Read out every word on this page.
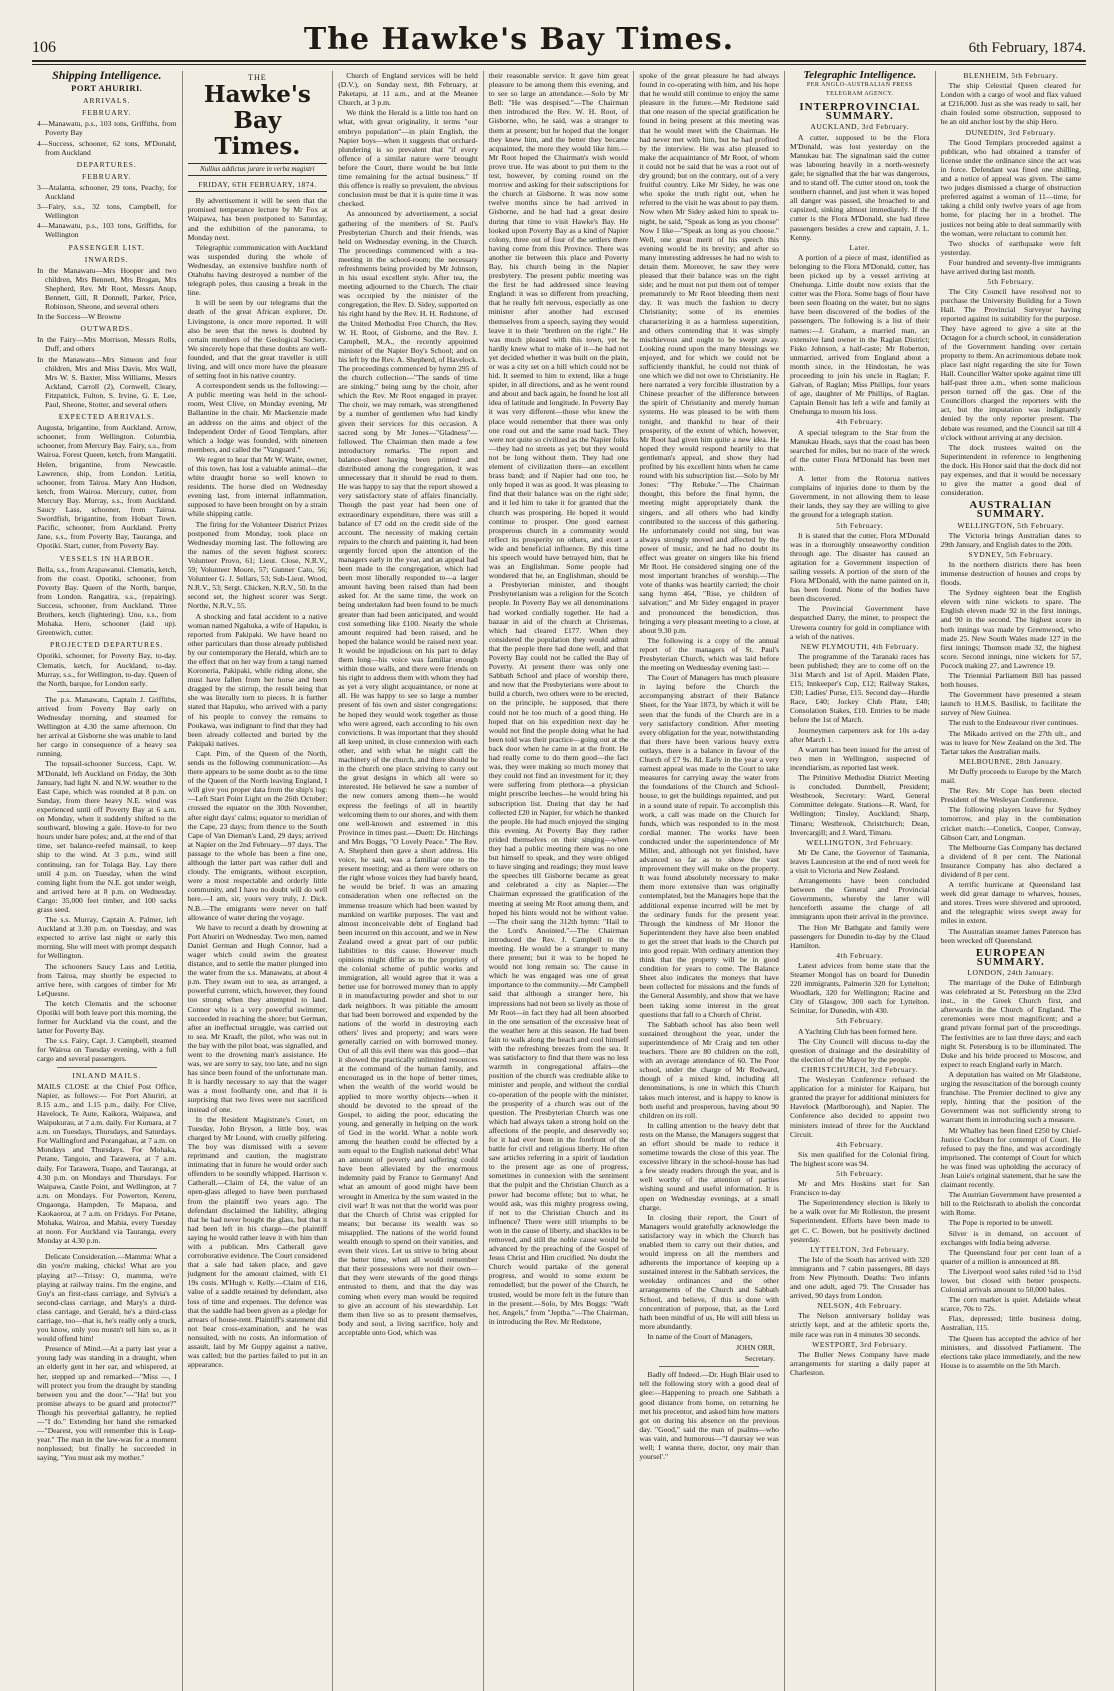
106	The Hawke's Bay Times.	6th February, 1874.
Shipping Intelligence.
PORT AHURIRI.
ARRIVALS.
FEBRUARY.

4—Manawatu, p.s., 103 tons, Griffiths, from Poverty Bay

4—Success, schooner, 62 tons, M'Donald, from Auckland

DEPARTURES.
FEBRUARY.

3—Atalanta, schooner, 29 tons, Peachy, for Auckland

3—Fairy, s.s., 32 tons, Campbell, for Wellington

4—Manawatu, p.s., 103 tons, Griffiths, for Wellington

PASSENGER LIST.
INWARDS.

In the Manawatu—Mrs Hooper and two children, Mrs Bennett, Mrs Brogan, Mrs Shepherd, Rev. Mr Root, Messrs Anup, Bennett, Gill, R Donnell, Parker, Price, Robinson, Sheone, and several others

In the Success—W Browne

OUTWARDS.

In the Fairy—Mrs Morrison, Messrs Rolls, Duff, and others

In the Manawatu—Mrs Simeon and four children, Mrs and Miss Davis, Mrs Wall, Mrs W. S. Baxter, Miss Williams, Messrs Ackland, Carroll (2), Cornwell, Cleary, Fitzpatrick, Fulton, S. Irvine, G. E. Lee, Paul, Sheone, Stotter, and several others

EXPECTED ARRIVALS.

Augusta, brigantine, from Auckland. Arrow, schooner, from Wellington. Columbia, schooner, from Mercury Bay. Fairy, s.s., from Wairoa. Forest Queen, ketch, from Mangatiti. Helen, brigantine, from Newcastle. Lawrence, ship, from London. Letitia, schooner, from Tairoa. Mary Ann Hudson, ketch, from Wairoa. Mercury, cutter, from Mercury Bay. Murray, s.s., from Auckland. Saucy Lass, schooner, from Tairoa. Swordfish, brigantine, from Hobart Town. Pacific, schooner, from Auckland. Pretty Jane, s.s., from Poverty Bay, Tauranga, and Opotiki. Start, cutter, from Poverty Bay.

VESSELS IN HARBOR.

Bella, s.s., from Arapawanui. Clematis, ketch, from the coast. Opotiki, schooner, from Poverty Bay. Queen of the North, barque, from London. Rangatira, s.s., (repairing). Success, schooner, from Auckland. Three Brothers, ketch (lightering). Uno, s.s., from Mohaka. Hero, schooner (laid up). Greenwich, cutter.

PROJECTED DEPARTURES.

Opotiki, schooner, for Poverty Bay, to-day. Clematis, ketch, for Auckland, to-day. Murray, s.s., for Wellington, to-day. Queen of the North, barque, for London early.

The p.s. Manawatu, Captain J. Griffiths, arrived from Poverty Bay early on Wednesday morning, and steamed for Wellington at 4.30 the same afternoon. On her arrival at Gisborne she was unable to land her cargo in consequence of a heavy sea running.

The topsail-schooner Success, Capt. W. M'Donald, left Auckland on Friday, the 30th January, had light N. and N.W. weather to the East Cape, which was rounded at 8 p.m. on Sunday, from there heavy N.E. wind was experienced until off Poverty Bay at 6 a.m. on Monday, when it suddenly shifted to the southward, blowing a gale. Hove-to for two hours under bare poles; and, at the end of that time, set balance-reefed mainsail, to keep ship to the wind. At 3 p.m., wind still continuing, ran for Tolaga Bay. Lay there until 4 p.m. on Tuesday, when the wind coming light from the N.E. got under weigh, and arrived here at 8 p.m. on Wednesday. Cargo: 35,000 feet timber, and 100 sacks grass seed.

The s.s. Murray, Captain A. Palmer, left Auckland at 3.30 p.m. on Tuesday, and was expected to arrive last night or early this morning. She will meet with prompt despatch for Wellington.

The schooners Saucy Lass and Letitia, from Tairoa, may shortly be expected to arrive here, with cargoes of timber for Mr LeQuesne.

The ketch Clematis and the schooner Opotiki will both leave port this morning, the former for Auckland via the coast, and the latter for Poverty Bay.

The s.s. Fairy, Capt. J. Campbell, steamed for Wairoa on Tuesday evening, with a full cargo and several passengers.

INLAND MAILS.

MAILS CLOSE at the Chief Post Office, Napier, as follows:— For Port Ahuriri, at 8.15 a.m., and 1.15 p.m., daily. For Clive, Havelock, Te Aute, Kaikora, Waipawa, and Waipukurau, at 7 a.m. daily. For Kumara, at 7 a.m. on Tuesdays, Thursdays, and Saturdays. For Wallingford and Porangahau, at 7 a.m. on Mondays and Thursdays. For Mohaka, Petane, Tangoio, and Tarawera, at 7 a.m. daily. For Tarawera, Tuapo, and Tauranga, at 4.30 p.m. on Mondays and Thursdays. For Waipawa, Castle Point, and Wellington, at 7 a.m. on Mondays. For Powerton, Kereru, Ongaonga, Hampden, Te Mapaoa, and Kaokaoroa, at 7 a.m. on Fridays. For Petane, Mohaka, Wairoa, and Mahia, every Tuesday at noon. For Auckland via Tauranga, every Monday at 4.30 p.m.

Delicate Consideration.—Mamma: What a din you're making, chicks! What are you playing at?—Trissy: O, mamma, we're playing at railway trains. I'm the engine, and Guy's an first-class carriage, and Sylvia's a second-class carriage, and Mary's a third-class carriage, and Gerald, he's a third-class carriage, too—that is, he's really only a truck, you know, only you mustn't tell him so, as it would offend him!

Presence of Mind.—At a party last year a young lady was standing in a draught, when an elderly gent in her ear, and whispered, at her, stepped up and remarked—"Miss —, I will protect you from the draught by standing between you and the door."—"Ha! but you promise always to be guard and protector?" Though his proverbial gallantry, he replied—"I do." Extending her hand she remarked—"Dearest, you will remember this is Leap-year." The man in the law-was for a moment nonplussed; but finally he succeeded in saying, "You must ask my mother."

THE
Hawke's Bay Times.
Nullius addictus jurare in verba magistri
FRIDAY, 6TH FEBRUARY, 1874.

By advertisement it will be seen that the promised temperance lecture by Mr Fox at Waipawa, has been postponed to Saturday, and the exhibition of the panorama, to Monday next.

Telegraphic communication with Auckland was suspended during the whole of Wednesday, an extensive bushfire north of Otahuhu having destroyed a number of the telegraph poles, thus causing a break in the line.

It will be seen by our telegrams that the death of the great African explorer, Dr. Livingstone, is once more reported. It will also be seen that the news is doubted by certain members of the Geological Society. We sincerely hope that these doubts are well-founded, and that the great traveller is still living, and will once more have the pleasure of setting foot in his native country.

A correspondent sends us the following:—A public meeting was held in the school-room, West Clive, on Monday evening, Mr Ballantine in the chair. Mr Mackenzie made an address on the aims and object of the Independent Order of Good Templars, after which a lodge was founded, with nineteen members, and called the "Vanguard."

We regret to hear that Mr W. Waite, owner, of this town, has lost a valuable animal—the white draught horse so well known to residents. The horse died on Wednesday evening last, from internal inflammation, supposed to have been brought on by a strain while shipping cattle.

The firing for the Volunteer District Prizes postponed from Monday, took place on Wednesday morning last. The following are the names of the seven highest scorers: Volunteer Provo, 61; Lieut. Close, N.R.V., 59; Volunteer Moore, 57; Gunner Cato, 56; Volunteer G. J. Sellars, 53; Sub-Lieut. Wood, N.R.V., 53; Sergt. Chicken, N.R.V., 50. In the second set, the highest scorer was Sergt. Northe, N.R.V., 55.

A shocking and fatal accident to a native woman named Ngahuka, a wife of Hapuku, is reported from Pakipaki. We have heard no other particulars than those already published by our contemporary the Herald, which are to the effect that on her way from a tangi named Koroneria, Pakipaki, while riding alone, she must have fallen from her horse and been dragged by the stirrup, the result being that she was literally torn to pieces. It is further stated that Hapuku, who arrived with a party of his people to convey the remains to Poukawa, was indignant to find that they had been already collected and buried by the Pakipaki natives.

Capt. Pim, of the Queen of the North, sends us the following communication:—As there appears to be some doubt as to the time of the Queen of the North leaving England, I will give you proper data from the ship's log:—Left Start Point Light on the 26th October; crossed the equator on the 30th November, after eight days' calms; equator to meridian of the Cape, 23 days; from thence to the South Cape of Van Dieman's Land, 29 days; arrived at Napier on the 2nd February—97 days. The passage to the whole has been a fine one, although the latter part was rather dull and cloudy. The emigrants, without exception, were a most respectable and orderly little community, and I have no doubt will do well here.—I am, sir, yours very truly, J. Dick. N.B.—The emigrants were never on half allowance of water during the voyage.

We have to record a death by drowning at Port Ahuriri on Wednesday. Two men, named Daniel German and Hugh Connor, had a wager which could swim the greatest distance, and to settle the matter plunged into the water from the s.s. Manawatu, at about 4 p.m. They swam out to sea, as arranged, a powerful current, which, however, they found too strong when they attempted to land. Connor who is a very powerful swimmer, succeeded in reaching the shore; but German, after an ineffectual struggle, was carried out to sea. Mr Kraaft, the pilot, who was out in the bay with the pilot boat, was signalled, and went to the drowning man's assistance. He was, we are sorry to say, too late, and no sign has since been found of the unfortunate man. It is hardly necessary to say that the wager was a most foolhardy one, and that it is surprising that two lives were not sacrificed instead of one.

In the Resident Magistrate's Court, on Tuesday, John Bryson, a little boy, was charged by Mr Lound, with cruelly pilfering. The boy was dismissed with a severe reprimand and caution, the magistrate intimating that in future he would order such offenders to be soundly whipped. Harrison v. Catherall.—Claim of £4, the value of an open-glass alleged to have been purchased from the plaintiff two years ago. The defendant disclaimed the liability, alleging that he had never bought the glass, but that it had been left in his charge—the plaintiff saying he would rather leave it with him than with a publican. Mrs Catherall gave corroborative evidence. The Court considered that a sale had taken place, and gave judgment for the amount claimed, with £1 19s costs. M'Hugh v. Kelly.—Claim of £16, value of a saddle retained by defendant, also loss of time and expenses. The defence was that the saddle had been given as a pledge for arrears of house-rent. Plaintiff's statement did not bear cross-examination, and he was nonsuited, with no costs. An information of assault, laid by Mr Guppy against a native, was called; but the parties failed to put in an appearance.

Church of England services will be held (D.V.), on Sunday next, 8th February, at Paketapu, at 11 a.m., and at the Meanee Church, at 3 p.m.

We think the Herald is a little too hard on what, with great originality, it terms "our embryo population"—in plain English, the Napier boys—when it suggests that orchard-plundering is so prevalent that "if every offence of a similar nature were brought before the Court, there would be but little time remaining for the actual business." If this offence is really so prevalent, the obvious conclusion must be that it is quite time it was checked.

As announced by advertisement, a social gathering of the members of St. Paul's Presbyterian Church and their friends, was held on Wednesday evening, in the Church. The proceedings commenced with a tea-meeting in the school-room; the necessary refreshments being provided by Mr Johnson, in his usual excellent style. After tea, the meeting adjourned to the Church. The chair was occupied by the minister of the congregation, the Rev. D. Sidey, supported on his right hand by the Rev. H. H. Redstone, of the United Methodist Free Church, the Rev. W. H. Root, of Gisborne, and the Rev. J. Campbell, M.A., the recently appointed minister of the Napier Boy's School; and on his left by the Rev. A. Shepherd, of Havelock. The proceedings commenced by hymn 295 of the church collection—"The sands of time are sinking," being sung by the choir, after which the Rev. Mr Root engaged in prayer. The choir, we may remark, was strengthened by a number of gentlemen who had kindly given their services for this occasion. A sacred song by Mr Jones—"Gladness"—followed. The Chairman then made a few introductory remarks. The report and balance-sheet having been printed and distributed among the congregation, it was unnecessary that it should be read to them. He was happy to say that the report showed a very satisfactory state of affairs financially. Though the past year had been one of extraordinary expenditure, there was still a balance of £7 odd on the credit side of the account. The necessity of making certain repairs to the church and painting it, had been urgently forced upon the attention of the managers early in the year, and an appeal had been made to the congregation, which had been most liberally responded to—a larger amount having been raised than had been asked for. At the same time, the work on being undertaken had been found to be much greater than had been anticipated, and would cost something like £100. Nearly the whole amount required had been raised, and he hoped the balance would be raised next year. It would be injudicious on his part to delay them long—his voice was familiar enough within those walls, and there were friends on his right to address them with whom they had as yet a very slight acquaintance, or none at all. He was happy to see so large a number present of his own and sister congregations: he hoped they would work together as those who were agreed, each according to his own convictions. It was important that they should all keep united, in close connexion with each other, and with what he might call the machinery of the church, and there should be in the church one place striving to carry out the great designs in which all were so interested. He believed he saw a number of the new comers among them—he would express the feelings of all in heartily welcoming them to our shores, and with them one well-known and esteemed in this Province in times past.—Duett: Dr. Hitchings and Mrs Boggs, "O Lovely Peace." The Rev. A. Shepherd then gave a short address. His voice, he said, was a familiar one to the present meeting; and as there were others on the right whose voices they had barely heard, he would be brief. It was an amazing consideration when one reflected on the immense treasure which had been wasted by mankind on warlike purposes. The vast and almost inconceivable debt of England had been incurred on this account, and we in New Zealand owed a great part of our public liabilities to this cause. However much opinions might differ as to the propriety of the colonial scheme of public works and immigration, all would agree that it was a better use for borrowed money than to apply it in manufacturing powder and shot to our dark neighbors. It was pitiable the amount that had been borrowed and expended by the nations of the world in destroying each others' lives and property; and wars were generally carried on with borrowed money. Out of all this evil there was this good—that it showed the practically unlimited resources at the command of the human family, and encouraged us in the hope of better times, when the wealth of the world would be applied to more worthy objects—when it should be devoted to the spread of the Gospel, to aiding the poor, educating the young, and generally in helping on the work of God in the world. What a noble work among the heathen could be effected by a sum equal to the English national debt! What an amount of poverty and suffering could have been alleviated by the enormous indemnity paid by France to Germany! And what an amount of good might have been wrought in America by the sum wasted in the civil war! It was not that the world was poor that the Church of Christ was crippled for means; but because its wealth was so misapplied. The nations of the world found wealth enough to spend on their vanities, and even their vices. Let us strive to bring about the better time, when all would remember that their possessions were not their own—that they were stewards of the good things entrusted to them, and that the day was coming when every man would be required to give an account of his stewardship. Let them then live so as to present themselves, body and soul, a living sacrifice, holy and acceptable unto God, which was

their reasonable service. It gave him great pleasure to be among them this evening, and to see so large an attendance.—Solo by Mr Bell: "He was despised."—The Chairman then introduced the Rev. W. H. Root, of Gisborne, who, he said, was a stranger to them at present; but he hoped that the longer they knew him, and the better they became acquainted, the more they would like him.—Mr Root hoped the Chairman's wish would prove true. He was about to put them to the test, however, by coming round on the morrow and asking for their subscriptions for the church at Gisborne. It was now some twelve months since he had arrived in Gisborne, and he had had a great desire during that time to visit Hawke's Bay. He looked upon Poverty Bay as a kind of Napier colony, three out of four of the settlers there having come from this Province. There was another tie between this place and Poverty Bay, his church being in the Napier presbytery. The present public meeting was the first he had addressed since leaving England: it was so different from preaching, that he really felt nervous, especially as one minister after another had excused themselves from a speech, saying they would leave it to their "brethren on the right." He was much pleased with this town, yet he hardly knew what to make of it—he had not yet decided whether it was built on the plain, or was a city set on a hill which could not be hid. It seemed to him to extend, like a huge spider, in all directions, and as he went round and about and back again, he found he lost all idea of latitude and longitude. In Poverty Bay it was very different—those who knew the place would remember that there was only one road out and the same road back. They were not quite so civilized as the Napier folks—they had no streets as yet; but they would not be long without them. They had one element of civilization there—an excellent brass band; and if Napier had one too, he only hoped it was as good. It was pleasing to find that their balance was on the right side; and it led him to take it for granted that the church was prospering. He hoped it would continue to prosper. One good earnest prosperous church in a community would reflect its prosperity on others, and exert a wide and beneficial influence. By this time his speech would have betrayed him, that he was an Englishman. Some people had wondered that he, an Englishman, should be a Presbyterian minister, and thought Presbyterianism was a religion for the Scotch people. In Poverty Bay we all denominations had worked cordially together. He had a bazaar in aid of the church at Christmas, which had cleared £177. When they considered the population they would admit that the people there had done well, and that Poverty Bay could not be called the Bay of Poverty. At present there was only one Sabbath School and place of worship there, and now that the Presbyterians were about to build a church, two others were to be erected, on the principle, he supposed, that there could not be too much of a good thing. He hoped that on his expedition next day he would not find the people doing what he had been told was their practice—going out at the back door when he came in at the front. He had really come to do them good—the fact was, they were making so much money that they could not find an investment for it; they were suffering from plethora—a physician might prescribe leeches—he would bring his subscription list. During that day he had collected £20 in Napier, for which he thanked the people. He had much enjoyed the singing this evening. At Poverty Bay they rather prided themselves on their singing—when they had a public meeting there was no one but himself to speak, and they were obliged to have singing and readings; they must leave the speeches till Gisborne became as great and celebrated a city as Napier.—The Chairman expressed the gratification of the meeting at seeing Mr Root among them, and hoped his hints would not be without value.—The choir sang the 312th hymn: "Hail to the Lord's Anointed."—The Chairman introduced the Rev. J. Campbell to the meeting. He would be a stranger to many there present; but it was to be hoped he would not long remain so. The cause in which he was engaged was one of great importance to the community.—Mr Campbell said that although a stranger here, his impressions had not been so lively as those of Mr Root—in fact they had all been absorbed in the one sensation of the excessive heat of the weather here at this season. He had been fain to walk along the beach and cool himself with the refreshing breezes from the sea. It was satisfactory to find that there was no less warmth in congregational affairs—the position of the church was creditable alike to minister and people, and without the cordial co-operation of the people with the minister, the prosperity of a church was out of the question. The Presbyterian Church was one which had always taken a strong hold on the affections of the people, and deservedly so; for it had ever been in the forefront of the battle for civil and religious liberty. He often saw articles referring in a spirit of laudation to the present age as one of progress, sometimes in connexion with the sentiment that the pulpit and the Christian Church as a power had become effete; but to what, he would ask, was this mighty progress owing, if not to the Christian Church and its influence? There were still triumphs to be won in the cause of liberty, and shackles to be removed, and still the noble cause would be advanced by the preaching of the Gospel of Jesus Christ and Him crucified. No doubt the Church would partake of the general progress, and would to some extent be remodelled; but the power of the Church, he trusted, would be more felt in the future than in the present.—Solo, by Mrs Boggs: "Waft her, Angels," from "Jeptha."—The Chairman, in introducing the Rev. Mr Redstone,

spoke of the great pleasure he had always found in co-operating with him, and his hope that he would still continue to enjoy the same pleasure in the future.—Mr Redstone said that one reason of the special gratification he found in being present at this meeting was that he would meet with the Chairman. He had never met with him, but he had profited by the interview. He was also pleased to make the acquaintance of Mr Root, of whom it could not be said that he was a root out of dry ground; but on the contrary, out of a very fruitful country. Like Mr Sidey, he was one who spoke the truth right out, when he referred to the visit he was about to pay them. Now when Mr Sidey asked him to speak to-night, he said, "Speak as long as you choose" Now I like—"Speak as long as you choose." Well, one great merit of his speech this evening would be its brevity; and after so many interesting addresses he had no wish to detain them. Moreover, he saw they were pleased that their balance was on the right side; and he must not put them out of temper prematurely to Mr Root bleeding them next day. It was much the fashion to decry Christianity; some of its enemies characterizing it as a harmless superstition, and others contending that it was simply mischievous and ought to be swept away. Looking round upon the many blessings we enjoyed, and for which we could not be sufficiently thankful, he could not think of one which we did not owe to Christianity. He here narrated a very forcible illustration by a Chinese preacher of the difference between the spirit of Christianity and merely human systems. He was pleased to be with them tonight, and thankful to hear of their prosperity, of the extent of which, however, Mr Root had given him quite a new idea. He hoped they would respond heartily to that gentleman's appeal, and show they had profited by his excellent hints when he came round with his subscription list.—Solo by Mr Jones: "Thy Rebuke."—The Chairman thought, this before the final hymn, the meeting might appropriately thank the singers, and all others who had kindly contributed to the success of this gathering. He unfortunately could not sing, but was always strongly moved and affected by the power of music, and he had no doubt its effect was greater on singers like his friend Mr Root. He considered singing one of the most important branches of worship.—The vote of thanks was heartily carried; the choir sang hymn 464, "Rise, ye children of salvation;" and Mr Sidey engaged in prayer and pronounced the benediction, thus bringing a very pleasant meeting to a close, at about 9.30 p.m.

The following is a copy of the annual report of the managers of St. Paul's Presbyterian Church, which was laid before the meeting on Wednesday evening last:—

The Court of Managers has much pleasure in laying before the Church the accompanying abstract of their Balance Sheet, for the Year 1873, by which it will be seen that the funds of the Church are in a very satisfactory condition. After meeting every obligation for the year, notwithstanding that there have been various heavy extra outlays, there is a balance in favour of the Church of £7 9s. 8d. Early in the year a very earnest appeal was made to the Court to take measures for carrying away the water from the foundations of the Church and School-house, to get the buildings repainted, and put in a sound state of repair. To accomplish this work, a call was made on the Church for funds, which was responded to in the most cordial manner. The works have been conducted under the superintendence of Mr Miller, and, although not yet finished, have advanced so far as to show the vast improvement they will make on the property. It was found absolutely necessary to make them more extensive than was originally contemplated, but the Managers hope that the additional expense incurred will be met by the ordinary funds for the present year. Through the kindness of Mr Honor the Superintendent they have also been enabled to get the street that leads to the Church put into good repair. With ordinary attention they think that the property will be in good condition for years to come. The Balance Sheet also indicates the moneys that have been collected for missions and the funds of the General Assembly, and show that we have been taking some interest in the great questions that fall to a Church of Christ.

The Sabbath school has also been well sustained throughout the year, under the superintendence of Mr Craig and ten other teachers. There are 80 children on the roll, with an average attendance of 60. The Poor school, under the charge of Mr Redward, though of a mixed kind, including all denominations, is one in which this Church takes much interest, and is happy to know is both useful and prosperous, having about 90 children on its roll.

In calling attention to the heavy debt that rests on the Manse, the Managers suggest that an effort should be made to reduce it sometime towards the close of this year. The excessive library in the school-house has had a few steady readers through the year, and is well worthy of the attention of parties wishing sound and useful information. It is open on Wednesday evenings, at a small charge.

In closing their report, the Court of Managers would gratefully acknowledge the satisfactory way in which the Church has enabled them to carry out their duties, and would impress on all the members and adherents the importance of keeping up a sustained interest in the Sabbath services, the weekday ordinances and the other arrangements of the Church and Sabbath School, and believe, if this is done with concentration of purpose, that, as the Lord hath been mindful of us, He will still bless us more abundantly.

In name of the Court of Managers,

JOHN ORR,
Secretary.

Badly off Indeed.—Dr. Hugh Blair used to tell the following story with a good deal of glee:—Happening to preach one Sabbath a good distance from home, on returning he met his precentor, and asked him how matters got on during his absence on the previous day. "Good," said the man of psalms—who was vain, and humorous—"I daursay we was well; I wanna there, doctor, ony mair than yoursel'."

Telegraphic Intelligence.
PER ANGLO-AUSTRALIAN PRESS TELEGRAM AGENCY.
INTERPROVINCIAL SUMMARY.

AUCKLAND, 3rd February.

A cutter, supposed to be the Flora M'Donald, was lost yesterday on the Manukau bar. The signalman said the cutter was labouring heavily in a north-westerly gale; he signalled that the bar was dangerous, and to stand off. The cutter stood on, took the southern channel, and just when it was hoped all danger was passed, she broached to and capsized, sinking almost immediately. If the cutter is the Flora M'Donald, she had three passengers besides a crew and captain, J. L. Kenny.

Later.

A portion of a piece of mast, identified as belonging to the Flora M'Donald, cutter, has been picked up by a vessel arriving at Onehunga. Little doubt now exists that the cutter was the Flora. Some bags of flour have been seen floating on the water, but no signs have been discovered of the bodies of the passengers. The following is a list of their names:—J. Graham, a married man, an extensive land owner in the Raglan District; Fisko Johnson, a half-caste; Mr Roberton, unmarried, arrived from England about a month since, in the Hindostan, he was proceeding to join his uncle in Raglan; F. Galvan, of Raglan; Miss Phillips, four years of age, daughter of Mr Phillips, of Raglan. Captain Benoit has left a wife and family at Onehunga to mourn his loss.

4th February.

A special telegram to the Star from the Manukau Heads, says that the coast has been searched for miles, but no trace of the wreck of the cutter Flora M'Donald has been met with.

A letter from the Rotorua natives complains of injuries done to them by the Government, in not allowing them to lease their lands, they say they are willing to give the ground for a telegraph station.

5th February.

It is stated that the cutter, Flora M'Donald was in a thoroughly unseaworthy condition through age. The disaster has caused an agitation for a Government inspection of sailing vessels. A portion of the stern of the Flora M'Donald, with the name painted on it, has been found. None of the bodies have been discovered.

The Provincial Government have despatched Darry, the miner, to prospect the Urewera country for gold in compliance with a wish of the natives.

NEW PLYMOUTH, 4th February.

The programme of the Taranaki races has been published; they are to come off on the 31st March and 1st of April. Maiden Plate, £15; Innkeeper's Cup, £12; Railway Stakes, £30; Ladies' Purse, £15. Second day—Hurdle Race, £40; Jockey Club Plate, £40; Consolation Stakes, £10. Entries to be made before the 1st of March.

Journeymen carpenters ask for 10s a-day after March 1.

A warrant has been issued for the arrest of two men in Wellington, suspected of incendiarism, as reported last week.

The Primitive Methodist District Meeting is concluded. Dunnbell, President; Westbrook, Secretary: Ward, General Committee delegate. Stations—R. Ward, for Wellington; Tinsley, Auckland; Sharp, Timaru; Westbrook, Christchurch; Dean, Invercargill; and J. Ward, Timaru.

WELLINGTON, 3rd February.

Mr De Cane, the Governor of Tasmania, leaves Launceston at the end of next week for a visit to Victoria and New Zealand.

Arrangements have been concluded between the General and Provincial Governments, whereby the latter will henceforth assume the charge of all immigrants upon their arrival in the province.

The Hon Mr Bathgate and family were passengers for Dunedin to-day by the Claud Hamilton.

4th February.

Latest advices from home state that the Steamer Mongol has on board for Dunedin 220 immigrants, Palmerin 320 for Lyttelton; Woodlark, 320 for Wellington; Racine and City of Glasgow, 300 each for Lyttelton. Scimitar, for Dunedin, with 430.

5th February.

A Yachting Club has been formed here.

The City Council will discuss to-day the question of drainage and the desirability of the election of the Mayor by the people.

CHRISTCHURCH, 3rd February.

The Wesleyan Conference refused the application for a minister for Kaiparu, but granted the prayer for additional ministers for Havelock (Marlborough), and Napier. The Conference also decided to appoint two ministers instead of three for the Auckland Circuit.

4th February.

Six men qualified for the Colonial firing. The highest score was 94.

5th February.

Mr and Mrs Hoskins start for San Francisco to-day

The Superintendency election is likely to be a walk over for Mr Rolleston, the present Superintendent. Efforts have been made to get C. C. Bowen, but he positively declined yesterday.

LYTTELTON, 3rd February.

The Isle of the South has arrived with 320 immigrants and 7 cabin passengers, 88 days from New Plymouth. Deaths: Two infants and one adult, aged 79. The Crusader has arrived, 90 days from London.

NELSON, 4th February.

The Nelson anniversary holiday was strictly kept, and at the athletic sports the, mile race was run in 4 minutes 30 seconds.

WESTPORT, 3rd February.

The Buller News Company have made arrangements for starting a daily paper at Charleston.

BLENHEIM, 5th February.

The ship Celestial Queen cleared for London with a cargo of wool and flax valued at £216,000. Just as she was ready to sail, her chain fouled some obstruction, supposed to be an old anchor lost by the ship Hero.

DUNEDIN, 3rd February.

The Good Templars proceeded against a publican, who had obtained a transfer of license under the ordinance since the act was in force. Defendant was fined one shilling, and a notice of appeal was given. The same two judges dismissed a charge of obstruction preferred against a woman of 11—time, for taking a child only twelve years of age from home, for placing her in a brothel. The justices not being able to deal summarily with the woman, were reluctant to commit her.

Two shocks of earthquake were felt yesterday.

Four hundred and seventy-five immigrants have arrived during last month.

5th February.

The City Council have resolved not to purchase the University Building for a Town Hall. The Provincial Surveyor having reported against its suitability for the purpose. They have agreed to give a site at the Octagon for a church school, in consideration of the Government handing over certain property to them. An acrimonious debate took place last night regarding the site for Town Hall. Councillor Walter spoke against time till half-past three a.m., when some malicious person turned off the gas. One of the Councillors charged the reporters with the act, but the imputation was indignantly denied by the only reporter present. The debate was resumed, and the Council sat till 4 o'clock without arriving at any decision.

The dock trustees waited on the Superintendent in reference to lengthening the dock. His Honor said that the dock did not pay expenses, and that it would be necessary to give the matter a good deal of consideration.

AUSTRALIAN SUMMARY.

WELLINGTON, 5th February.

The Victoria brings Australian dates to 29th January, and English dates to the 20th.

SYDNEY, 5th February.

In the northern districts there has been immense destruction of houses and crops by floods.

The Sydney eighteen beat the English eleven with nine wickets to spare. The English eleven made 92 in the first innings, and 90 in the second. The highest score in both innings was made by Greenwood, who made 25. New South Wales made 127 in the first innings; Thomson made 32, the highest score. Second innings, nine wickets for 57, Pocock making 27, and Lawrence 19.

The Triennial Parliament Bill has passed both houses.

The Government have presented a steam launch to H.M.S. Basilisk, to facilitate the survey of New Guinea.

The rush to the Endeavour river continues.

The Mikado arrived on the 27th ult., and was to leave for New Zealand on the 3rd. The Tartar takes the Australian mails.

MELBOURNE, 28th January.

Mr Duffy proceeds to Europe by the March mail.

The Rev. Mr Cope has been elected President of the Wesleyan Conference.

The following players leave for Sydney tomorrow, and play in the combination cricket match:—Conelick, Cooper, Conway, Gibson Carr, and Longman.

The Melbourne Gas Company has declared a dividend of 8 per cent. The National Insurance Company has also declared a dividend of 8 per cent.

A terrific hurricane at Queensland last week did great damage to wharves, houses, and stores. Trees were shivered and uprooted, and the telegraphic wires swept away for miles in extent.

The Australian steamer James Paterson has been wrecked off Queensland.

EUROPEAN SUMMARY.

LONDON, 24th January.

The marriage of the Duke of Edinburgh was celebrated at St. Petersburg on the 23rd inst., in the Greek Church first, and afterwards in the Church of England. The ceremonies were most magnificent; and a grand private formal part of the proceedings. The festivities are to last three days; and each night St. Petersburg is to be illuminated. The Duke and his bride proceed to Moscow, and expect to reach England early in March.

A deputation has waited on Mr Gladstone, urging the resuscitation of the borough county franchise. The Premier declined to give any reply, hinting that the position of the Government was not sufficiently strong to warrant them in introducing such a measure.

Mr Whalley has been fined £250 by Chief-Justice Cockburn for contempt of Court. He refused to pay the fine, and was accordingly imprisoned. The contempt of Court for which he was fined was upholding the accuracy of Jean Luie's original statement, that he saw the claimant recently.

The Austrian Government have presented a bill to the Reichsrath to abolish the concordat with Rome.

The Pope is reported to be unwell.

Silver is in demand, on account of exchanges with India being adverse.

The Queensland four per cent loan of a quarter of a million is announced at 88.

The Liverpool wool sales ruled ½d to 1½d lower, but closed with better prospects. Colonial arrivals amount to 50,000 bales.

The corn market is quiet. Adelaide wheat scarce, 70s to 72s.

Flax, depressed; little business doing, Australian, 115.

The Queen has accepted the advice of her ministers, and dissolved Parliament. The elections take place immediately, and the new House is to assemble on the 5th March.
